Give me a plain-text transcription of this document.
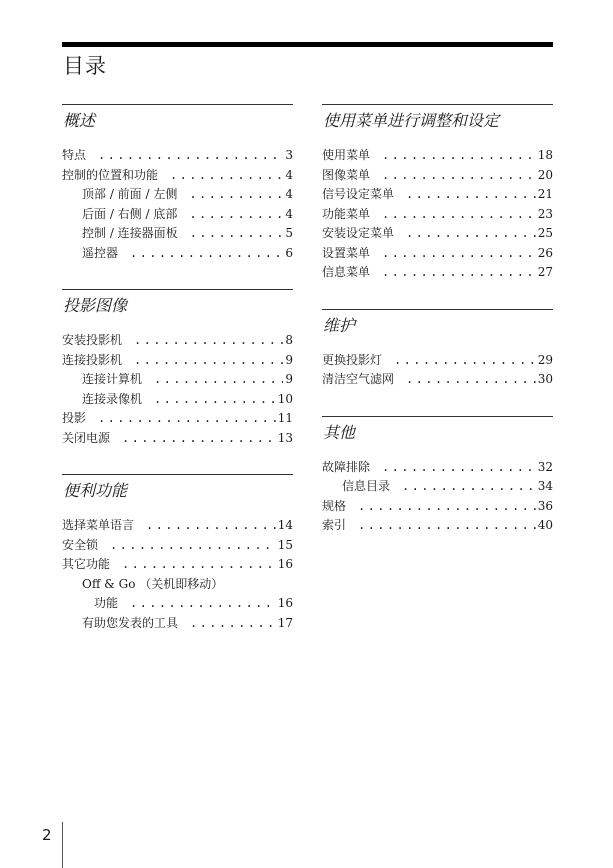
目录
概述
特点 .....	3
控制的位置和功能 .....	4
顶部 / 前面 / 左侧 .....	4
后面 / 右侧 / 底部 .....	4
控制 / 连接器面板 .....	5
遥控器 .....	6
投影图像
安装投影机 .....	8
连接投影机 .....	9
连接计算机 .....	9
连接录像机 .....	10
投影 .....	11
关闭电源 .....	13
便利功能
选择菜单语言 .....	14
安全锁 .....	15
其它功能 .....	16
Off & Go （关机即移动）
功能 .....	16
有助您发表的工具 .....	17
使用菜单进行调整和设定
使用菜单 .....	18
图像菜单 .....	20
信号设定菜单 .....	21
功能菜单 .....	23
安装设定菜单 .....	25
设置菜单 .....	26
信息菜单 .....	27
维护
更换投影灯 .....	29
清洁空气滤网 .....	30
其他
故障排除 .....	32
信息目录 .....	34
规格 .....	36
索引 .....	40
2
